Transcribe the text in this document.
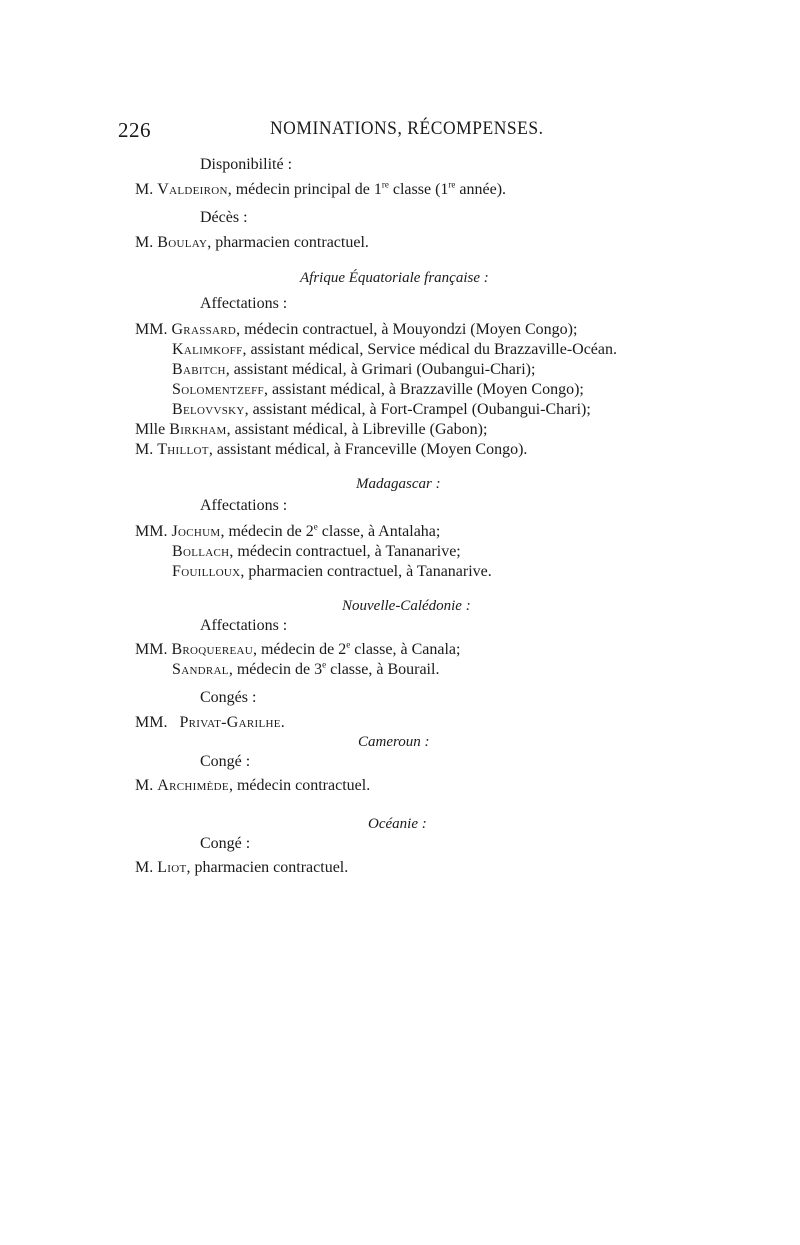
226	NOMINATIONS, RÉCOMPENSES.
Disponibilité :
M. Valdeiron, médecin principal de 1re classe (1re année).
Décès :
M. Boulay, pharmacien contractuel.
Afrique Équatoriale française :
Affectations :
MM. Grassard, médecin contractuel, à Mouyondzi (Moyen Congo);
Kalimkoff, assistant médical, Service médical du Brazzaville-Océan.
Babitch, assistant médical, à Grimari (Oubangui-Chari);
Solomentzeff, assistant médical, à Brazzaville (Moyen Congo);
Belovvsky, assistant médical, à Fort-Crampel (Oubangui-Chari);
Mlle Birkham, assistant médical, à Libreville (Gabon);
M. Thillot, assistant médical, à Franceville (Moyen Congo).
Madagascar :
Affectations :
MM. Jochum, médecin de 2e classe, à Antalaha;
Bollach, médecin contractuel, à Tananarive;
Fouilloux, pharmacien contractuel, à Tananarive.
Nouvelle-Calédonie :
Affectations :
MM. Broquereau, médecin de 2e classe, à Canala;
Sandral, médecin de 3e classe, à Bourail.
Congés :
MM. Privat-Garilhe.
Cameroun :
Congé :
M. Archimède, médecin contractuel.
Océanie :
Congé :
M. Liot, pharmacien contractuel.
